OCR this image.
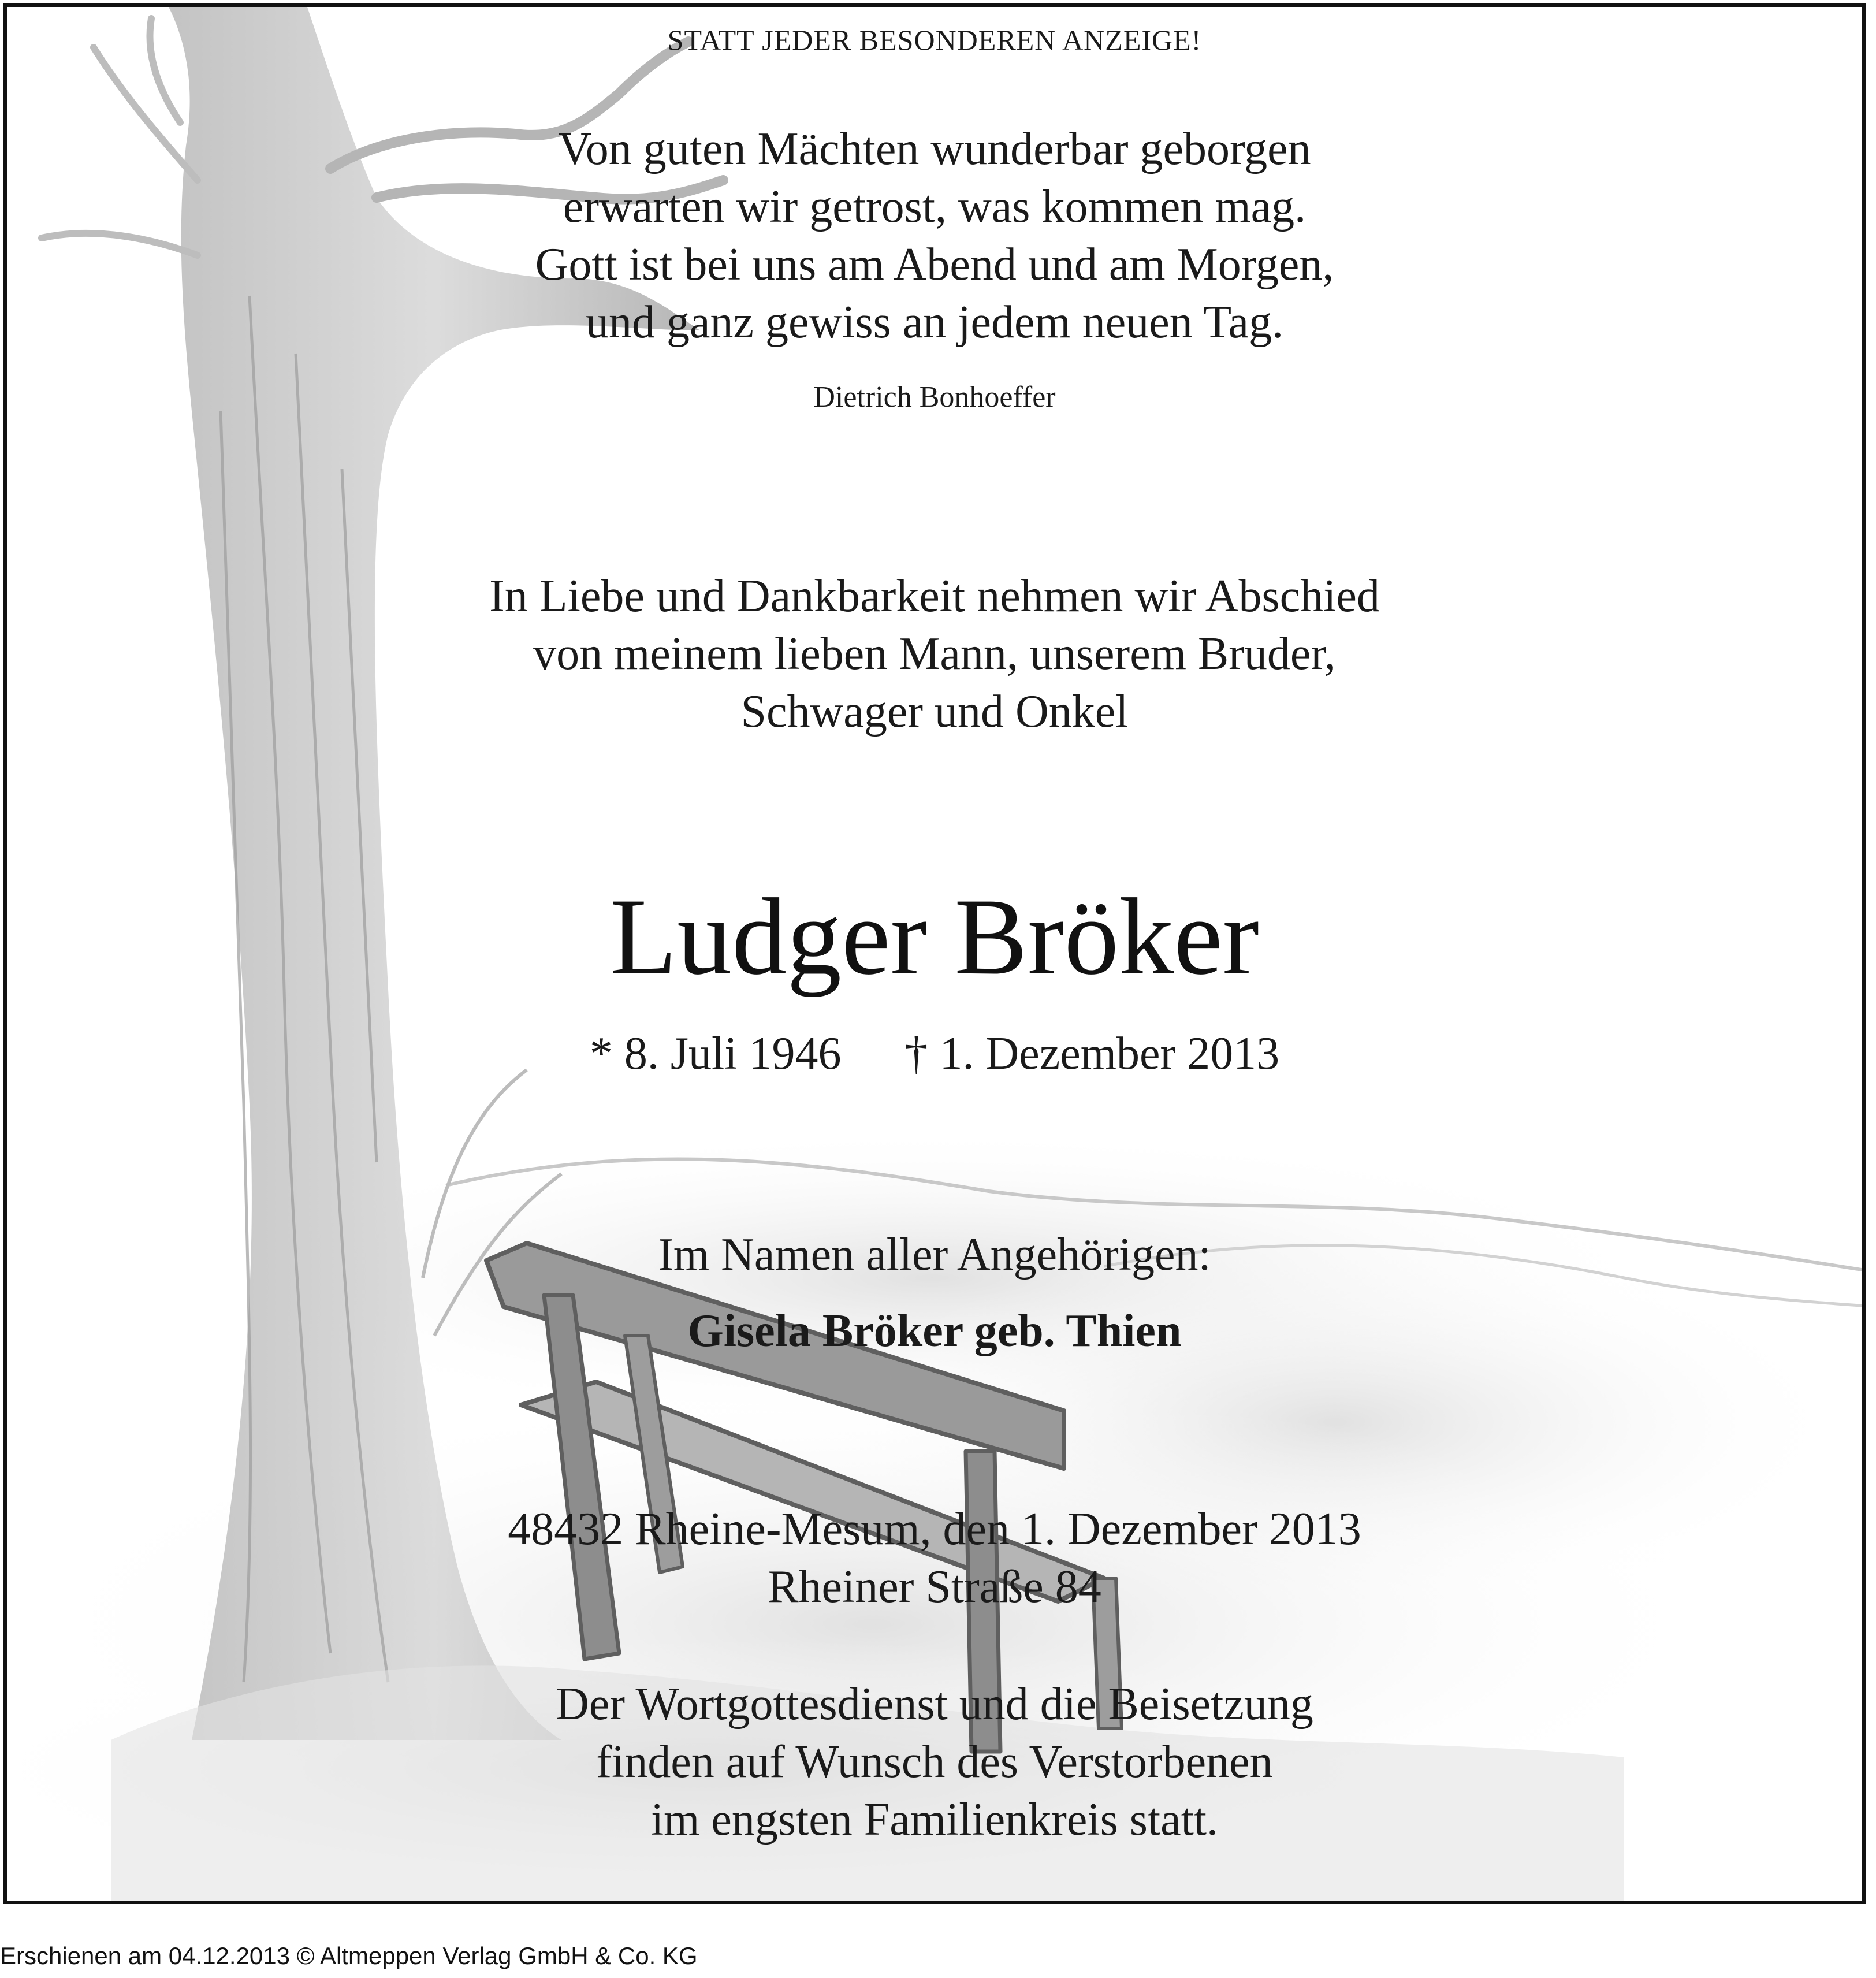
STATT JEDER BESONDEREN ANZEIGE!
Von guten Mächten wunderbar geborgen
erwarten wir getrost, was kommen mag.
Gott ist bei uns am Abend und am Morgen,
und ganz gewiss an jedem neuen Tag.
Dietrich Bonhoeffer
In Liebe und Dankbarkeit nehmen wir Abschied
von meinem lieben Mann, unserem Bruder,
Schwager und Onkel
Ludger Bröker
* 8. Juli 1946 † 1. Dezember 2013
Im Namen aller Angehörigen:
Gisela Bröker geb. Thien
48432 Rheine-Mesum, den 1. Dezember 2013
Rheiner Straße 84
Der Wortgottesdienst und die Beisetzung
finden auf Wunsch des Verstorbenen
im engsten Familienkreis statt.
Erschienen am 04.12.2013 © Altmeppen Verlag GmbH & Co. KG
